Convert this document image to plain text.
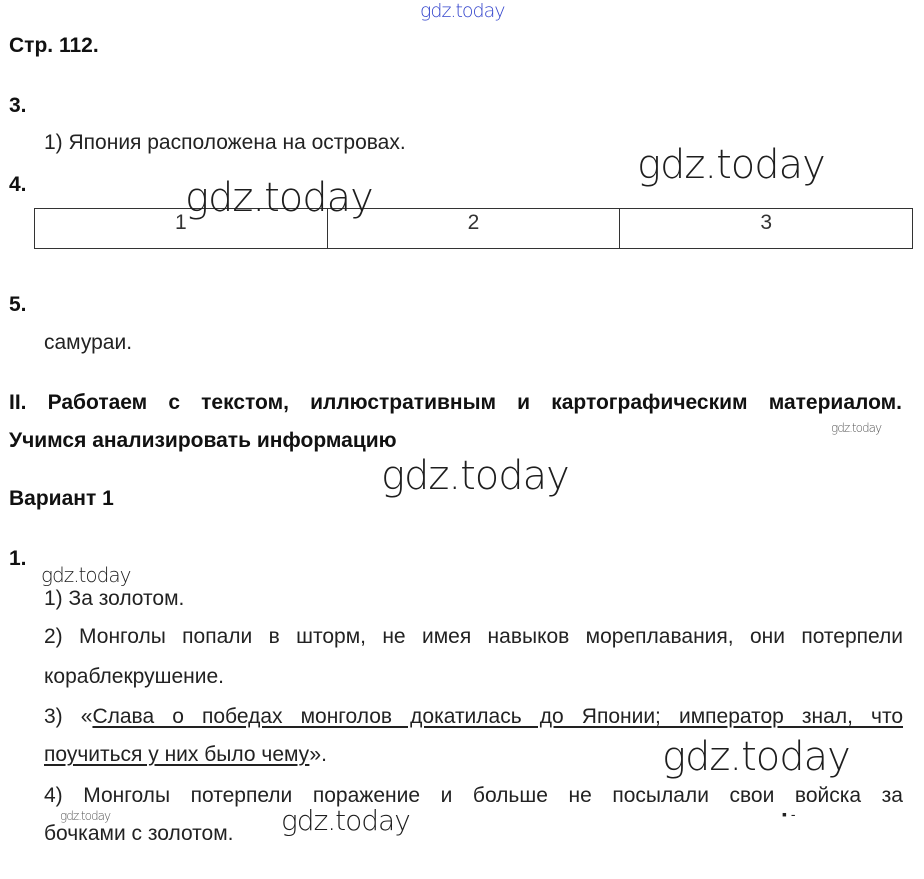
gdz.today
Стр. 112.
3.
1) Япония расположена на островах.
4.
1	2	3
5.
самураи.
II. Работаем с текстом, иллюстративным и картографическим материалом.
Учимся анализировать информацию
Вариант 1
1.
1) За золотом.
2) Монголы попали в шторм, не имея навыков мореплавания, они потерпели
кораблекрушение.
3) «Слава о победах монголов докатилась до Японии; император знал, что
поучиться у них было чему».
4) Монголы потерпели поражение и больше не посылали свои войска за
бочками с золотом.
▪ -
gdz.today
gdz.today
gdz.today
gdz.today
gdz.today
gdz.today
gdz.today	gdz.today
